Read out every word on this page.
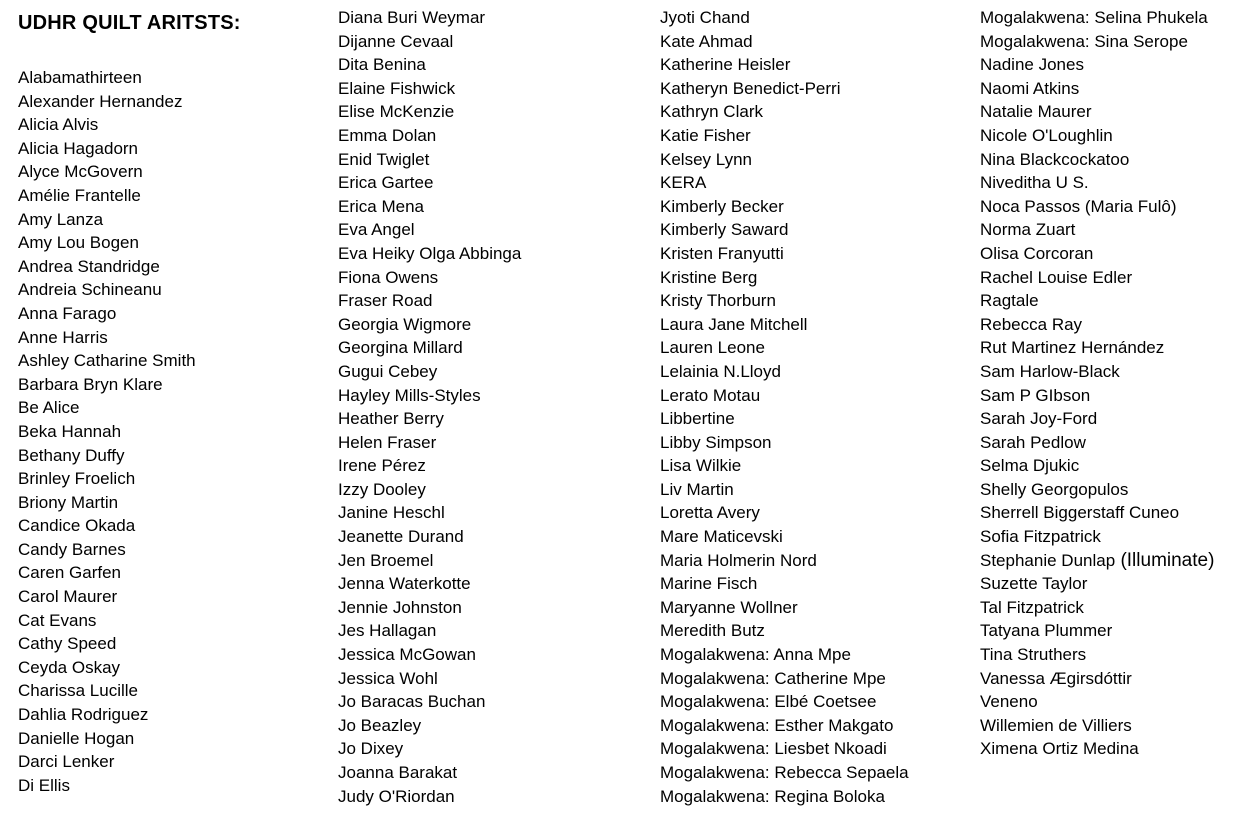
UDHR QUILT ARITSTS:
Alabamathirteen
Alexander Hernandez
Alicia Alvis
Alicia Hagadorn
Alyce McGovern
Amélie Frantelle
Amy Lanza
Amy Lou Bogen
Andrea Standridge
Andreia Schineanu
Anna Farago
Anne Harris
Ashley Catharine Smith
Barbara Bryn Klare
Be Alice
Beka Hannah
Bethany Duffy
Brinley Froelich
Briony Martin
Candice Okada
Candy Barnes
Caren Garfen
Carol Maurer
Cat Evans
Cathy Speed
Ceyda Oskay
Charissa Lucille
Dahlia Rodriguez
Danielle Hogan
Darci Lenker
Di Ellis
Diana Buri Weymar
Dijanne Cevaal
Dita Benina
Elaine Fishwick
Elise McKenzie
Emma Dolan
Enid Twiglet
Erica Gartee
Erica Mena
Eva Angel
Eva Heiky Olga Abbinga
Fiona Owens
Fraser Road
Georgia Wigmore
Georgina Millard
Gugui Cebey
Hayley Mills-Styles
Heather Berry
Helen Fraser
Irene Pérez
Izzy Dooley
Janine Heschl
Jeanette Durand
Jen Broemel
Jenna Waterkotte
Jennie Johnston
Jes Hallagan
Jessica McGowan
Jessica Wohl
Jo Baracas Buchan
Jo Beazley
Jo Dixey
Joanna Barakat
Judy O'Riordan
Jyoti Chand
Kate Ahmad
Katherine Heisler
Katheryn Benedict-Perri
Kathryn Clark
Katie Fisher
Kelsey Lynn
KERA
Kimberly Becker
Kimberly Saward
Kristen Franyutti
Kristine Berg
Kristy Thorburn
Laura Jane Mitchell
Lauren Leone
Lelainia N.Lloyd
Lerato Motau
Libbertine
Libby Simpson
Lisa Wilkie
Liv Martin
Loretta Avery
Mare Maticevski
Maria Holmerin Nord
Marine Fisch
Maryanne Wollner
Meredith Butz
Mogalakwena: Anna Mpe
Mogalakwena: Catherine Mpe
Mogalakwena: Elbé Coetsee
Mogalakwena: Esther Makgato
Mogalakwena: Liesbet Nkoadi
Mogalakwena: Rebecca Sepaela
Mogalakwena: Regina Boloka
Mogalakwena: Selina Phukela
Mogalakwena: Sina Serope
Nadine Jones
Naomi Atkins
Natalie Maurer
Nicole O'Loughlin
Nina Blackcockatoo
Niveditha U S.
Noca Passos (Maria Fulô)
Norma Zuart
Olisa Corcoran
Rachel Louise Edler
Ragtale
Rebecca Ray
Rut Martinez Hernández
Sam Harlow-Black
Sam P GIbson
Sarah Joy-Ford
Sarah Pedlow
Selma Djukic
Shelly Georgopulos
Sherrell Biggerstaff Cuneo
Sofia Fitzpatrick
Stephanie Dunlap (Illuminate)
Suzette Taylor
Tal Fitzpatrick
Tatyana Plummer
Tina Struthers
Vanessa Ægirsdóttir
Veneno
Willemien de Villiers
Ximena Ortiz Medina
